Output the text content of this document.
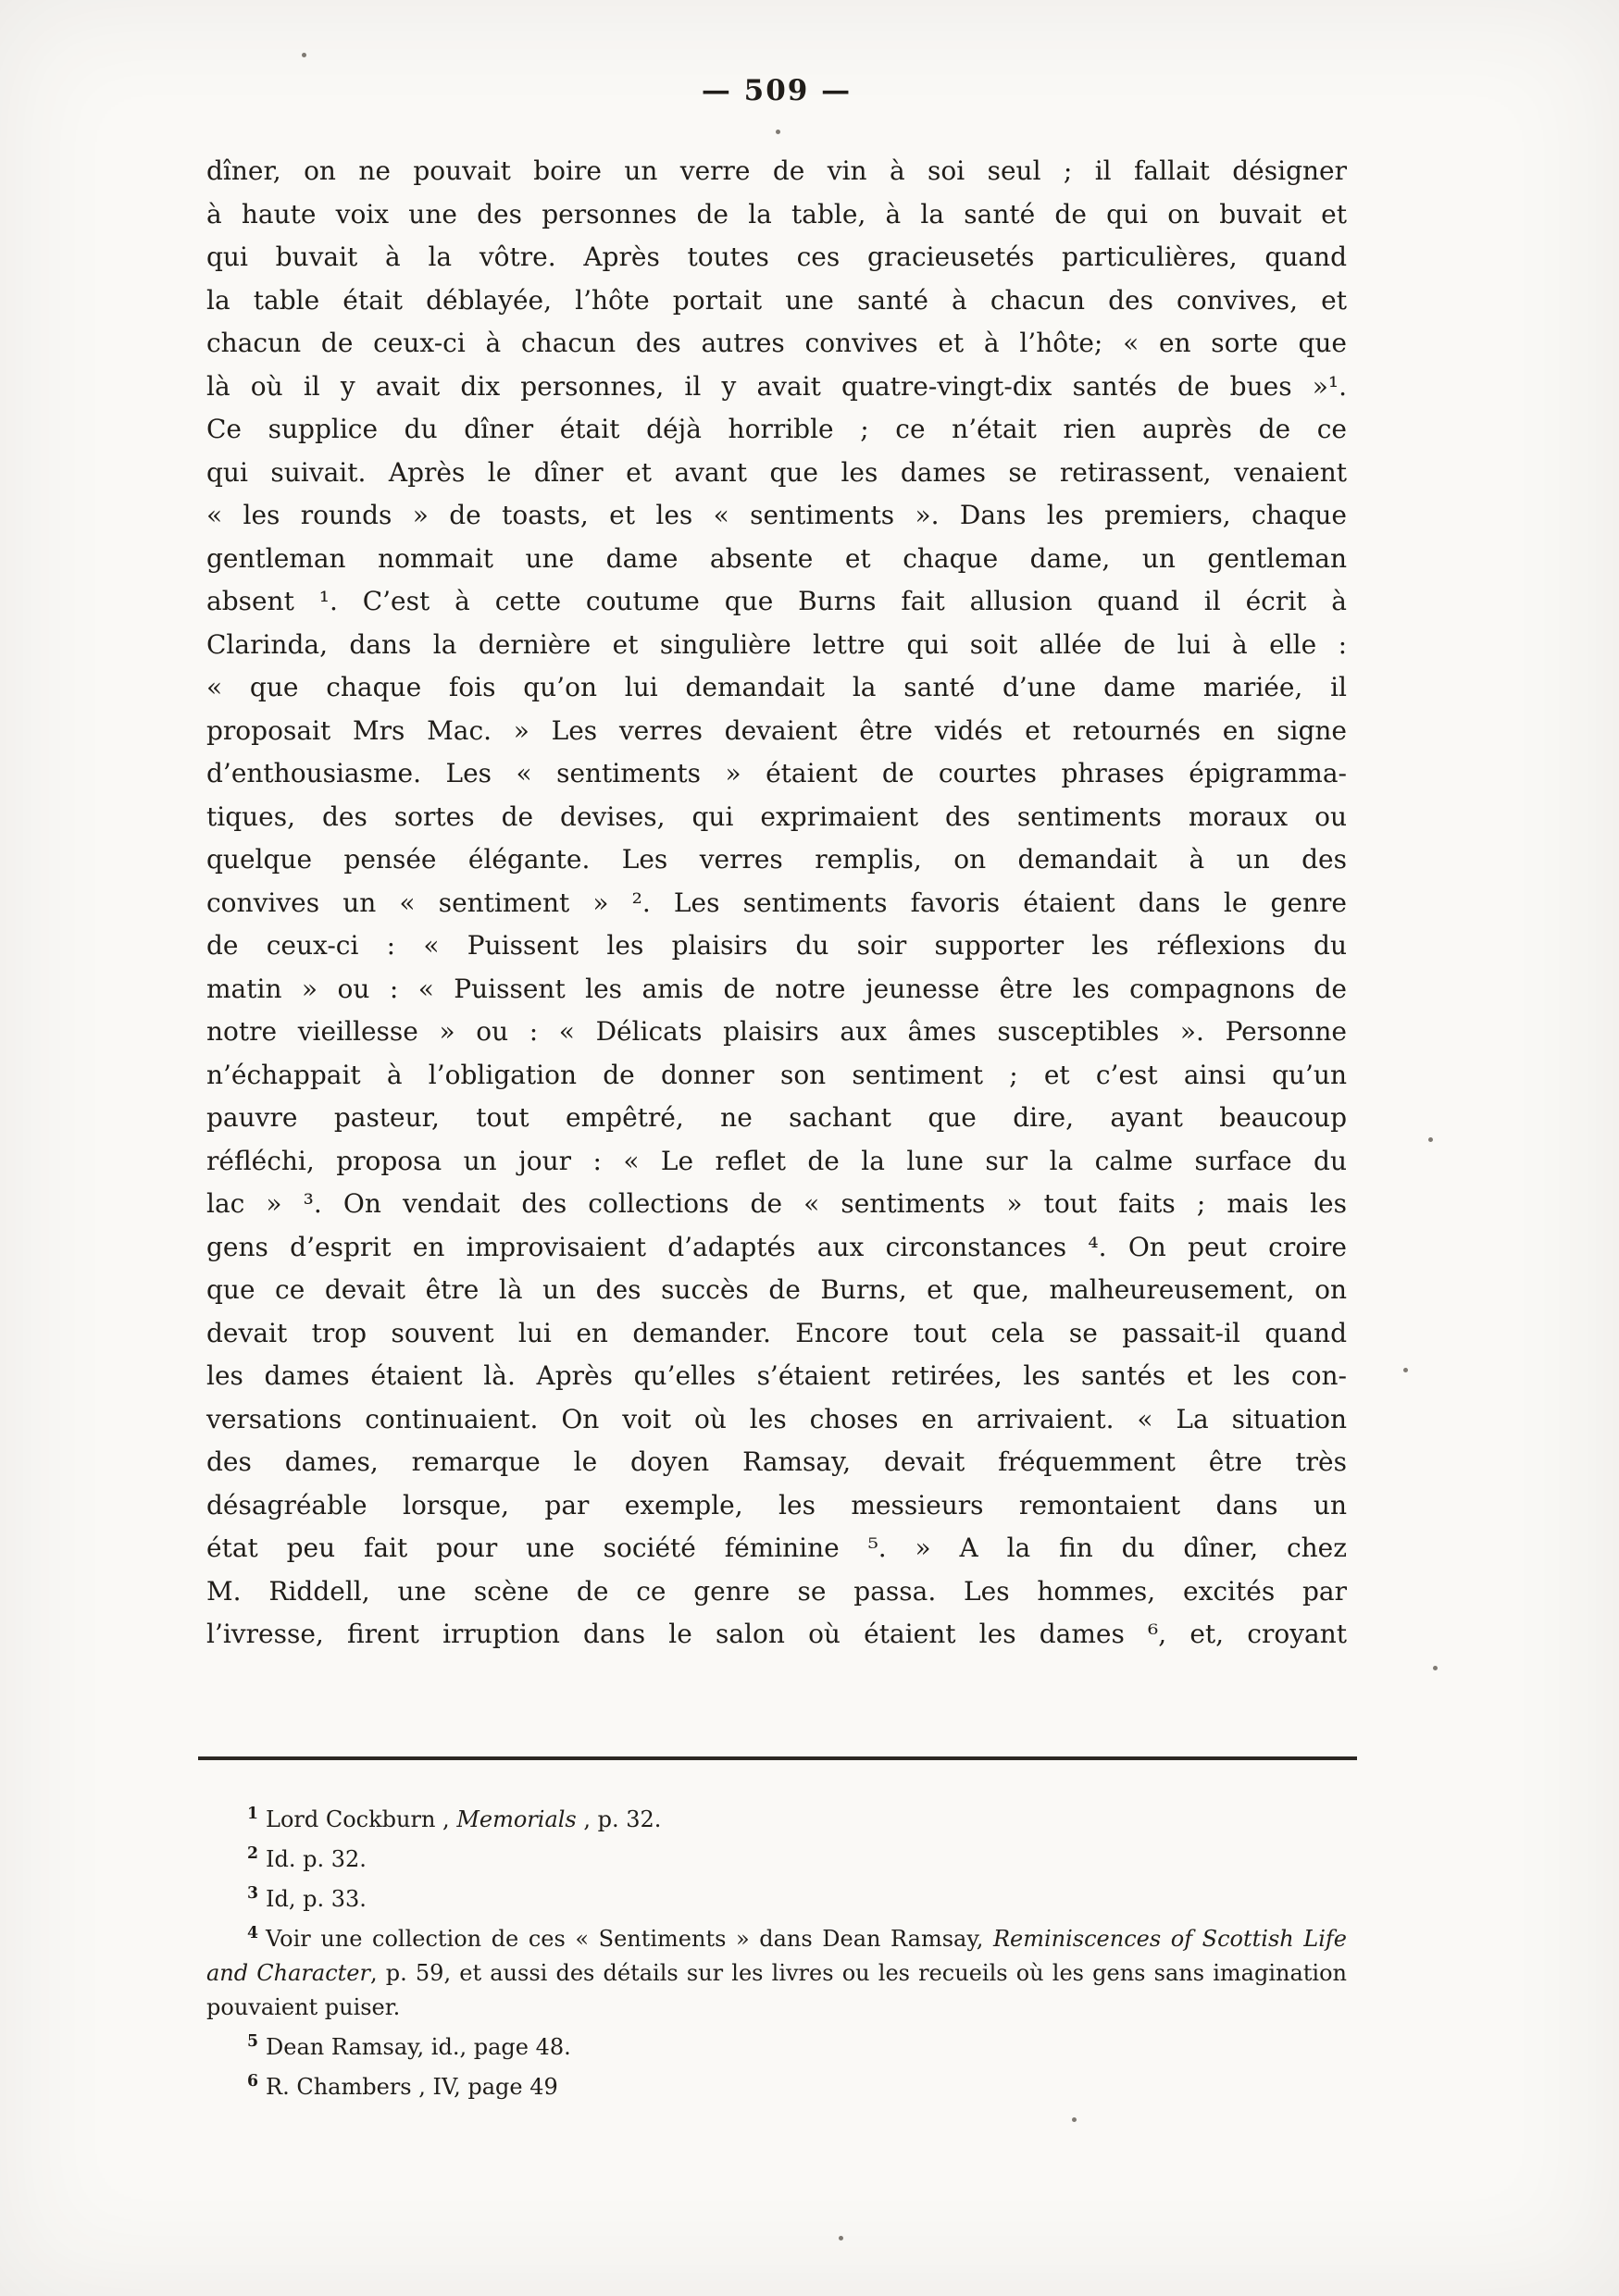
— 509 —
dîner, on ne pouvait boire un verre de vin à soi seul ; il fallait désigner
à haute voix une des personnes de la table, à la santé de qui on buvait et
qui buvait à la vôtre. Après toutes ces gracieusetés particulières, quand
la table était déblayée, l’hôte portait une santé à chacun des convives, et
chacun de ceux-ci à chacun des autres convives et à l’hôte; « en sorte que
là où il y avait dix personnes, il y avait quatre-vingt-dix santés de bues »¹.
Ce supplice du dîner était déjà horrible ; ce n’était rien auprès de ce
qui suivait. Après le dîner et avant que les dames se retirassent, venaient
« les rounds » de toasts, et les « sentiments ». Dans les premiers, chaque
gentleman nommait une dame absente et chaque dame, un gentleman
absent ¹. C’est à cette coutume que Burns fait allusion quand il écrit à
Clarinda, dans la dernière et singulière lettre qui soit allée de lui à elle :
« que chaque fois qu’on lui demandait la santé d’une dame mariée, il
proposait Mrs Mac. » Les verres devaient être vidés et retournés en signe
d’enthousiasme. Les « sentiments » étaient de courtes phrases épigramma-
tiques, des sortes de devises, qui exprimaient des sentiments moraux ou
quelque pensée élégante. Les verres remplis, on demandait à un des
convives un « sentiment » ². Les sentiments favoris étaient dans le genre
de ceux-ci : « Puissent les plaisirs du soir supporter les réflexions du
matin » ou : « Puissent les amis de notre jeunesse être les compagnons de
notre vieillesse » ou : « Délicats plaisirs aux âmes susceptibles ». Personne
n’échappait à l’obligation de donner son sentiment ; et c’est ainsi qu’un
pauvre pasteur, tout empêtré, ne sachant que dire, ayant beaucoup
réfléchi, proposa un jour : « Le reflet de la lune sur la calme surface du
lac » ³. On vendait des collections de « sentiments » tout faits ; mais les
gens d’esprit en improvisaient d’adaptés aux circonstances ⁴. On peut croire
que ce devait être là un des succès de Burns, et que, malheureusement, on
devait trop souvent lui en demander. Encore tout cela se passait-il quand
les dames étaient là. Après qu’elles s’étaient retirées, les santés et les con-
versations continuaient. On voit où les choses en arrivaient. « La situation
des dames, remarque le doyen Ramsay, devait fréquemment être très
désagréable lorsque, par exemple, les messieurs remontaient dans un
état peu fait pour une société féminine ⁵. » A la fin du dîner, chez
M. Riddell, une scène de ce genre se passa. Les hommes, excités par
l’ivresse, firent irruption dans le salon où étaient les dames ⁶, et, croyant
$^1$ Lord Cockburn , Memorials , p. 32.
$^2$ Id. p. 32.
$^3$ Id, p. 33.
$^4$ Voir une collection de ces « Sentiments » dans Dean Ramsay, Reminiscences of Scottish Life and Character, p. 59, et aussi des détails sur les livres ou les recueils où les gens sans imagination pouvaient puiser.
$^5$ Dean Ramsay, id., page 48.
$^6$ R. Chambers , IV, page 49
